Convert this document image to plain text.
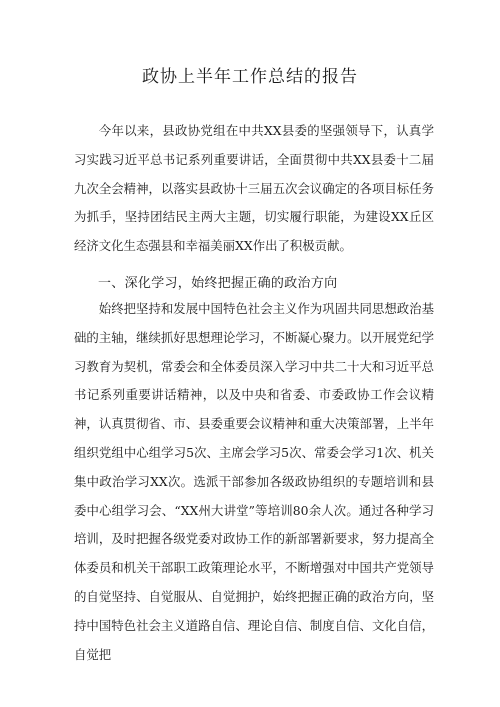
政协上半年工作总结的报告

今年以来，县政协党组在中共XX县委的坚强领导下，认真学习实践习近平总书记系列重要讲话，全面贯彻中共XX县委十二届九次全会精神，以落实县政协十三届五次会议确定的各项目标任务为抓手，坚持团结民主两大主题，切实履行职能，为建设XX丘区经济文化生态强县和幸福美丽XX作出了积极贡献。

一、深化学习，始终把握正确的政治方向

始终把坚持和发展中国特色社会主义作为巩固共同思想政治基础的主轴，继续抓好思想理论学习，不断凝心聚力。以开展党纪学习教育为契机，常委会和全体委员深入学习中共二十大和习近平总书记系列重要讲话精神，以及中央和省委、市委政协工作会议精神，认真贯彻省、市、县委重要会议精神和重大决策部署，上半年组织党组中心组学习5次、主席会学习5次、常委会学习1次、机关集中政治学习XX次。选派干部参加各级政协组织的专题培训和县委中心组学习会、“XX州大讲堂”等培训80余人次。通过各种学习培训，及时把握各级党委对政协工作的新部署新要求，努力提高全体委员和机关干部职工政策理论水平，不断增强对中国共产党领导的自觉坚持、自觉服从、自觉拥护，始终把握正确的政治方向，坚持中国特色社会主义道路自信、理论自信、制度自信、文化自信，自觉把
